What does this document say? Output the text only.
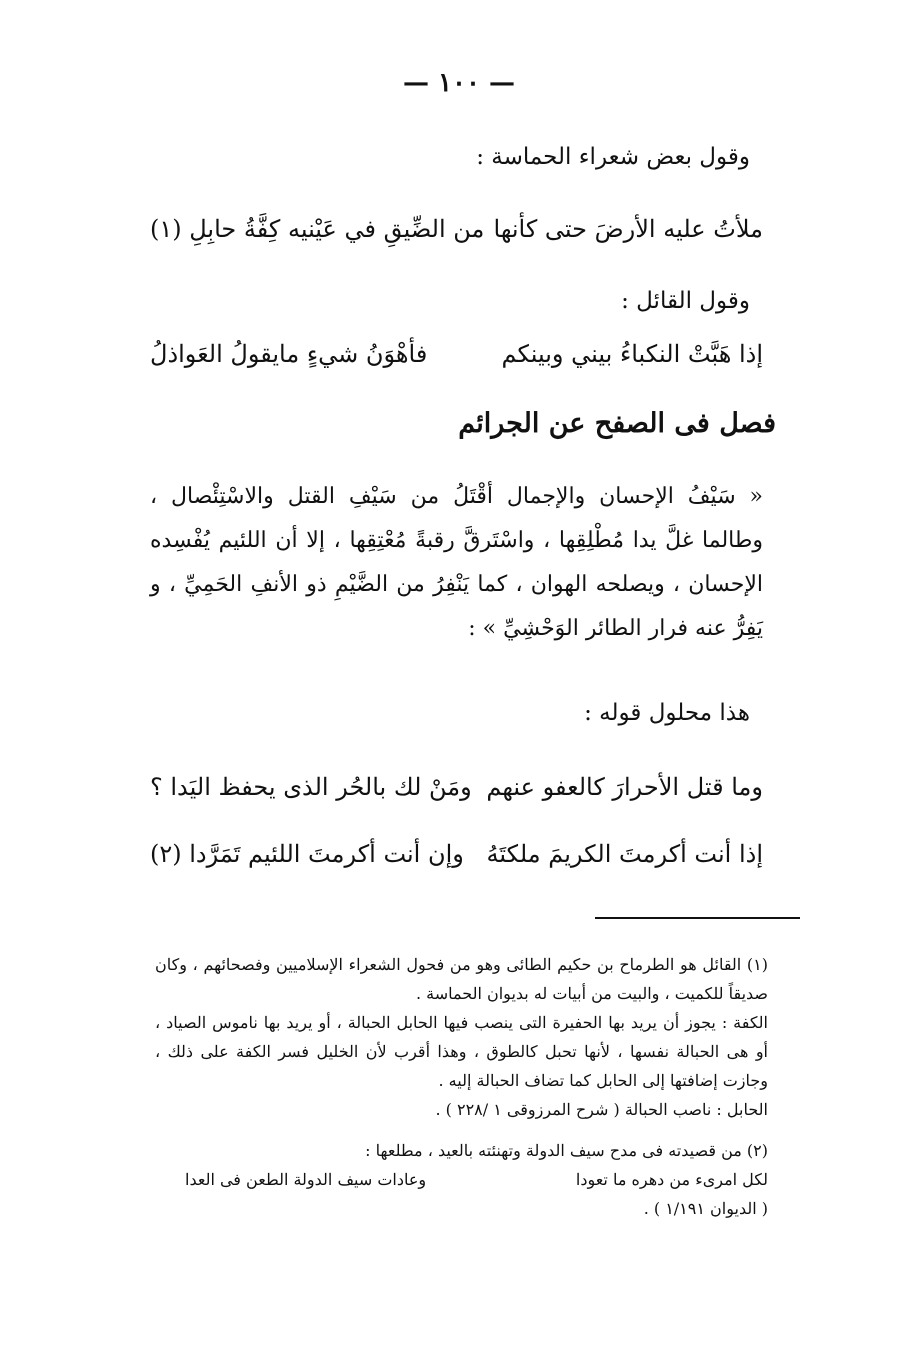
— ١٠٠ —
وقول بعض شعراء الحماسة :
ملأتُ عليه الأرضَ حتى كأنها
من الضِّيقِ في عَيْنيه كِفَّةُ حابِلِ (١)
وقول القائل :
إذا هَبَّتْ النكباءُ بيني وبينكم
فأهْوَنُ شيءٍ مايقولُ العَواذلُ
فصل فى الصفح عن الجرائم
« سَيْفُ الإحسان والإجمال أقْتَلُ من سَيْفِ القتل والاسْتِئْصال ، وطالما غلَّ يدا مُطْلِقِها ، واسْتَرقَّ رقبةً مُعْتِقِها ، إلا أن اللئيم يُفْسِده الإحسان ، ويصلحه الهوان ، كما يَنْفِرُ من الضَّيْمِ ذو الأنفِ الحَمِيِّ ، و يَفِرُّ عنه فرار الطائر الوَحْشِيِّ » :
هذا محلول قوله :
وما قتل الأحرارَ كالعفو عنهم
ومَنْ لك بالحُر الذى يحفظ اليَدا ؟
إذا أنت أكرمتَ الكريمَ ملكتَهُ
وإن أنت أكرمتَ اللئيم تَمَرَّدا (٢)

(١) القائل هو الطرماح بن حكيم الطائى وهو من فحول الشعراء الإسلاميين وفصحائهم ، وكان صديقاً للكميت ، والبيت من أبيات له بديوان الحماسة .

الكفة : يجوز أن يريد بها الحفيرة التى ينصب فيها الحابل الحبالة ، أو يريد بها ناموس الصياد ، أو هى الحبالة نفسها ، لأنها تحبل كالطوق ، وهذا أقرب لأن الخليل فسر الكفة على ذلك ، وجازت إضافتها إلى الحابل كما تضاف الحبالة إليه .

الحابل : ناصب الحبالة ( شرح المرزوقى ١ /٢٢٨ ) .

(٢) من قصيدته فى مدح سيف الدولة وتهنئته بالعيد ، مطلعها :

لكل امرىء من دهره ما تعودا
وعادات سيف الدولة الطعن فى العدا

( الديوان ١/١٩١ ) .
